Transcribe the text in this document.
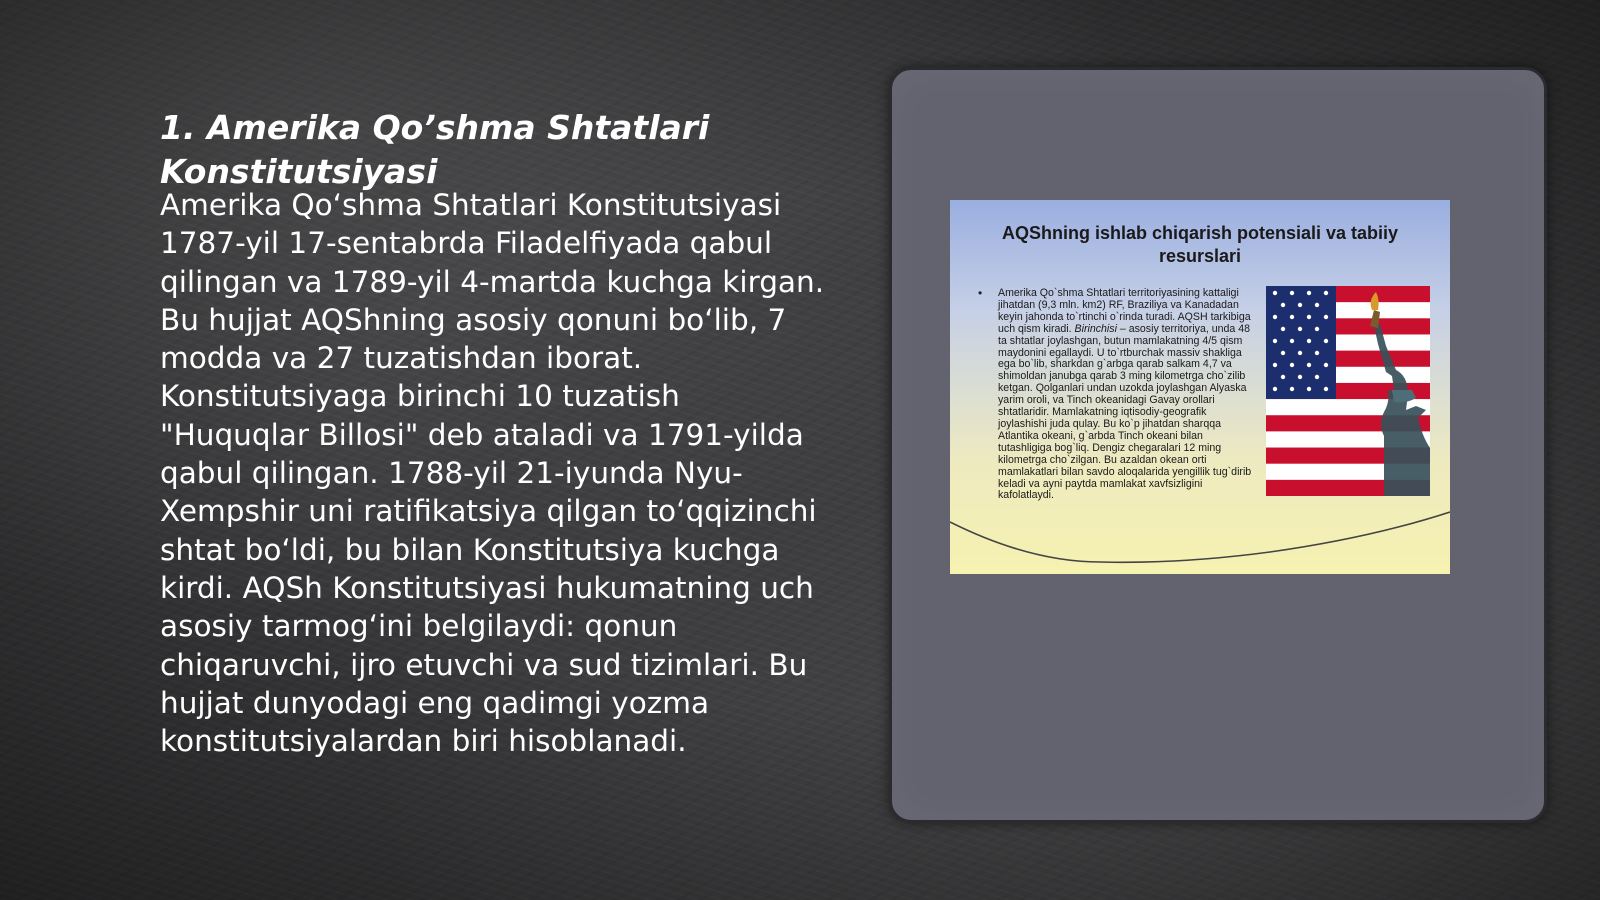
1. Amerika Qo’shma Shtatlari Konstitutsiyasi

Amerika Qo‘shma Shtatlari Konstitutsiyasi 1787-yil 17-sentabrda Filadelfiyada qabul qilingan va 1789-yil 4-martda kuchga kirgan. Bu hujjat AQShning asosiy qonuni bo‘lib, 7 modda va 27 tuzatishdan iborat. Konstitutsiyaga birinchi 10 tuzatish "Huquqlar Billosi" deb ataladi va 1791-yilda qabul qilingan. 1788-yil 21-iyunda Nyu-Xempshir uni ratifikatsiya qilgan to‘qqizinchi shtat bo‘ldi, bu bilan Konstitutsiya kuchga kirdi. AQSh Konstitutsiyasi hukumatning uch asosiy tarmog‘ini belgilaydi: qonun chiqaruvchi, ijro etuvchi va sud tizimlari. Bu hujjat dunyodagi eng qadimgi yozma konstitutsiyalardan biri hisoblanadi.

AQShning ishlab chiqarish potensiali va tabiiy resurslari

• Amerika Qo`shma Shtatlari territoriyasining kattaligi jihatdan (9,3 mln. km2) RF, Braziliya va Kanadadan keyin jahonda to`rtinchi o`rinda turadi. AQSH tarkibiga uch qism kiradi. Birinchisi – asosiy territoriya, unda 48 ta shtatlar joylashgan, butun mamlakatning 4/5 qism maydonini egallaydi. U to`rtburchak massiv shakliga ega bo`lib, sharkdan g`arbga qarab salkam 4,7 va shimoldan janubga qarab 3 ming kilometrga cho`zilib ketgan. Qolganlari undan uzokda joylashgan Alyaska yarim oroli, va Tinch okeanidagi Gavay orollari shtatlaridir. Mamlakatning iqtisodiy-geografik joylashishi juda qulay. Bu ko`p jihatdan sharqqa Atlantika okeani, g`arbda Tinch okeani bilan tutashligiga bog`liq. Dengiz chegaralari 12 ming kilometrga cho`zilgan. Bu azaldan okean orti mamlakatlari bilan savdo aloqalarida yengillik tug`dirib keladi va ayni paytda mamlakat xavfsizligini kafolatlaydi.
